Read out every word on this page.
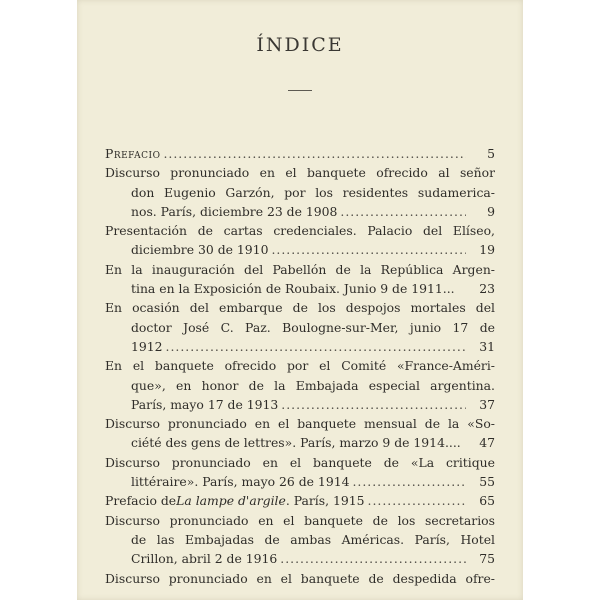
ÍNDICE
Prefacio .....	5
Discurso pronunciado en el banquete ofrecido al señor
don Eugenio Garzón, por los residentes sudamerica-
nos. París, diciembre 23 de 1908 .....	9
Presentación de cartas credenciales. Palacio del Elíseo,
diciembre 30 de 1910 .....	19
En la inauguración del Pabellón de la República Argen-
tina en la Exposición de Roubaix. Junio 9 de 1911...	23
En ocasión del embarque de los despojos mortales del
doctor José C. Paz. Boulogne-sur-Mer, junio 17 de
1912 .....	31
En el banquete ofrecido por el Comité «France-Améri-
que», en honor de la Embajada especial argentina.
París, mayo 17 de 1913 .....	37
Discurso pronunciado en el banquete mensual de la «So-
ciété des gens de lettres». París, marzo 9 de 1914....	47
Discurso pronunciado en el banquete de «La critique
littéraire». París, mayo 26 de 1914 .....	55
Prefacio de La lampe d'argile . París, 1915 .....	65
Discurso pronunciado en el banquete de los secretarios
de las Embajadas de ambas Américas. París, Hotel
Crillon, abril 2 de 1916 .....	75
Discurso pronunciado en el banquete de despedida ofre-
